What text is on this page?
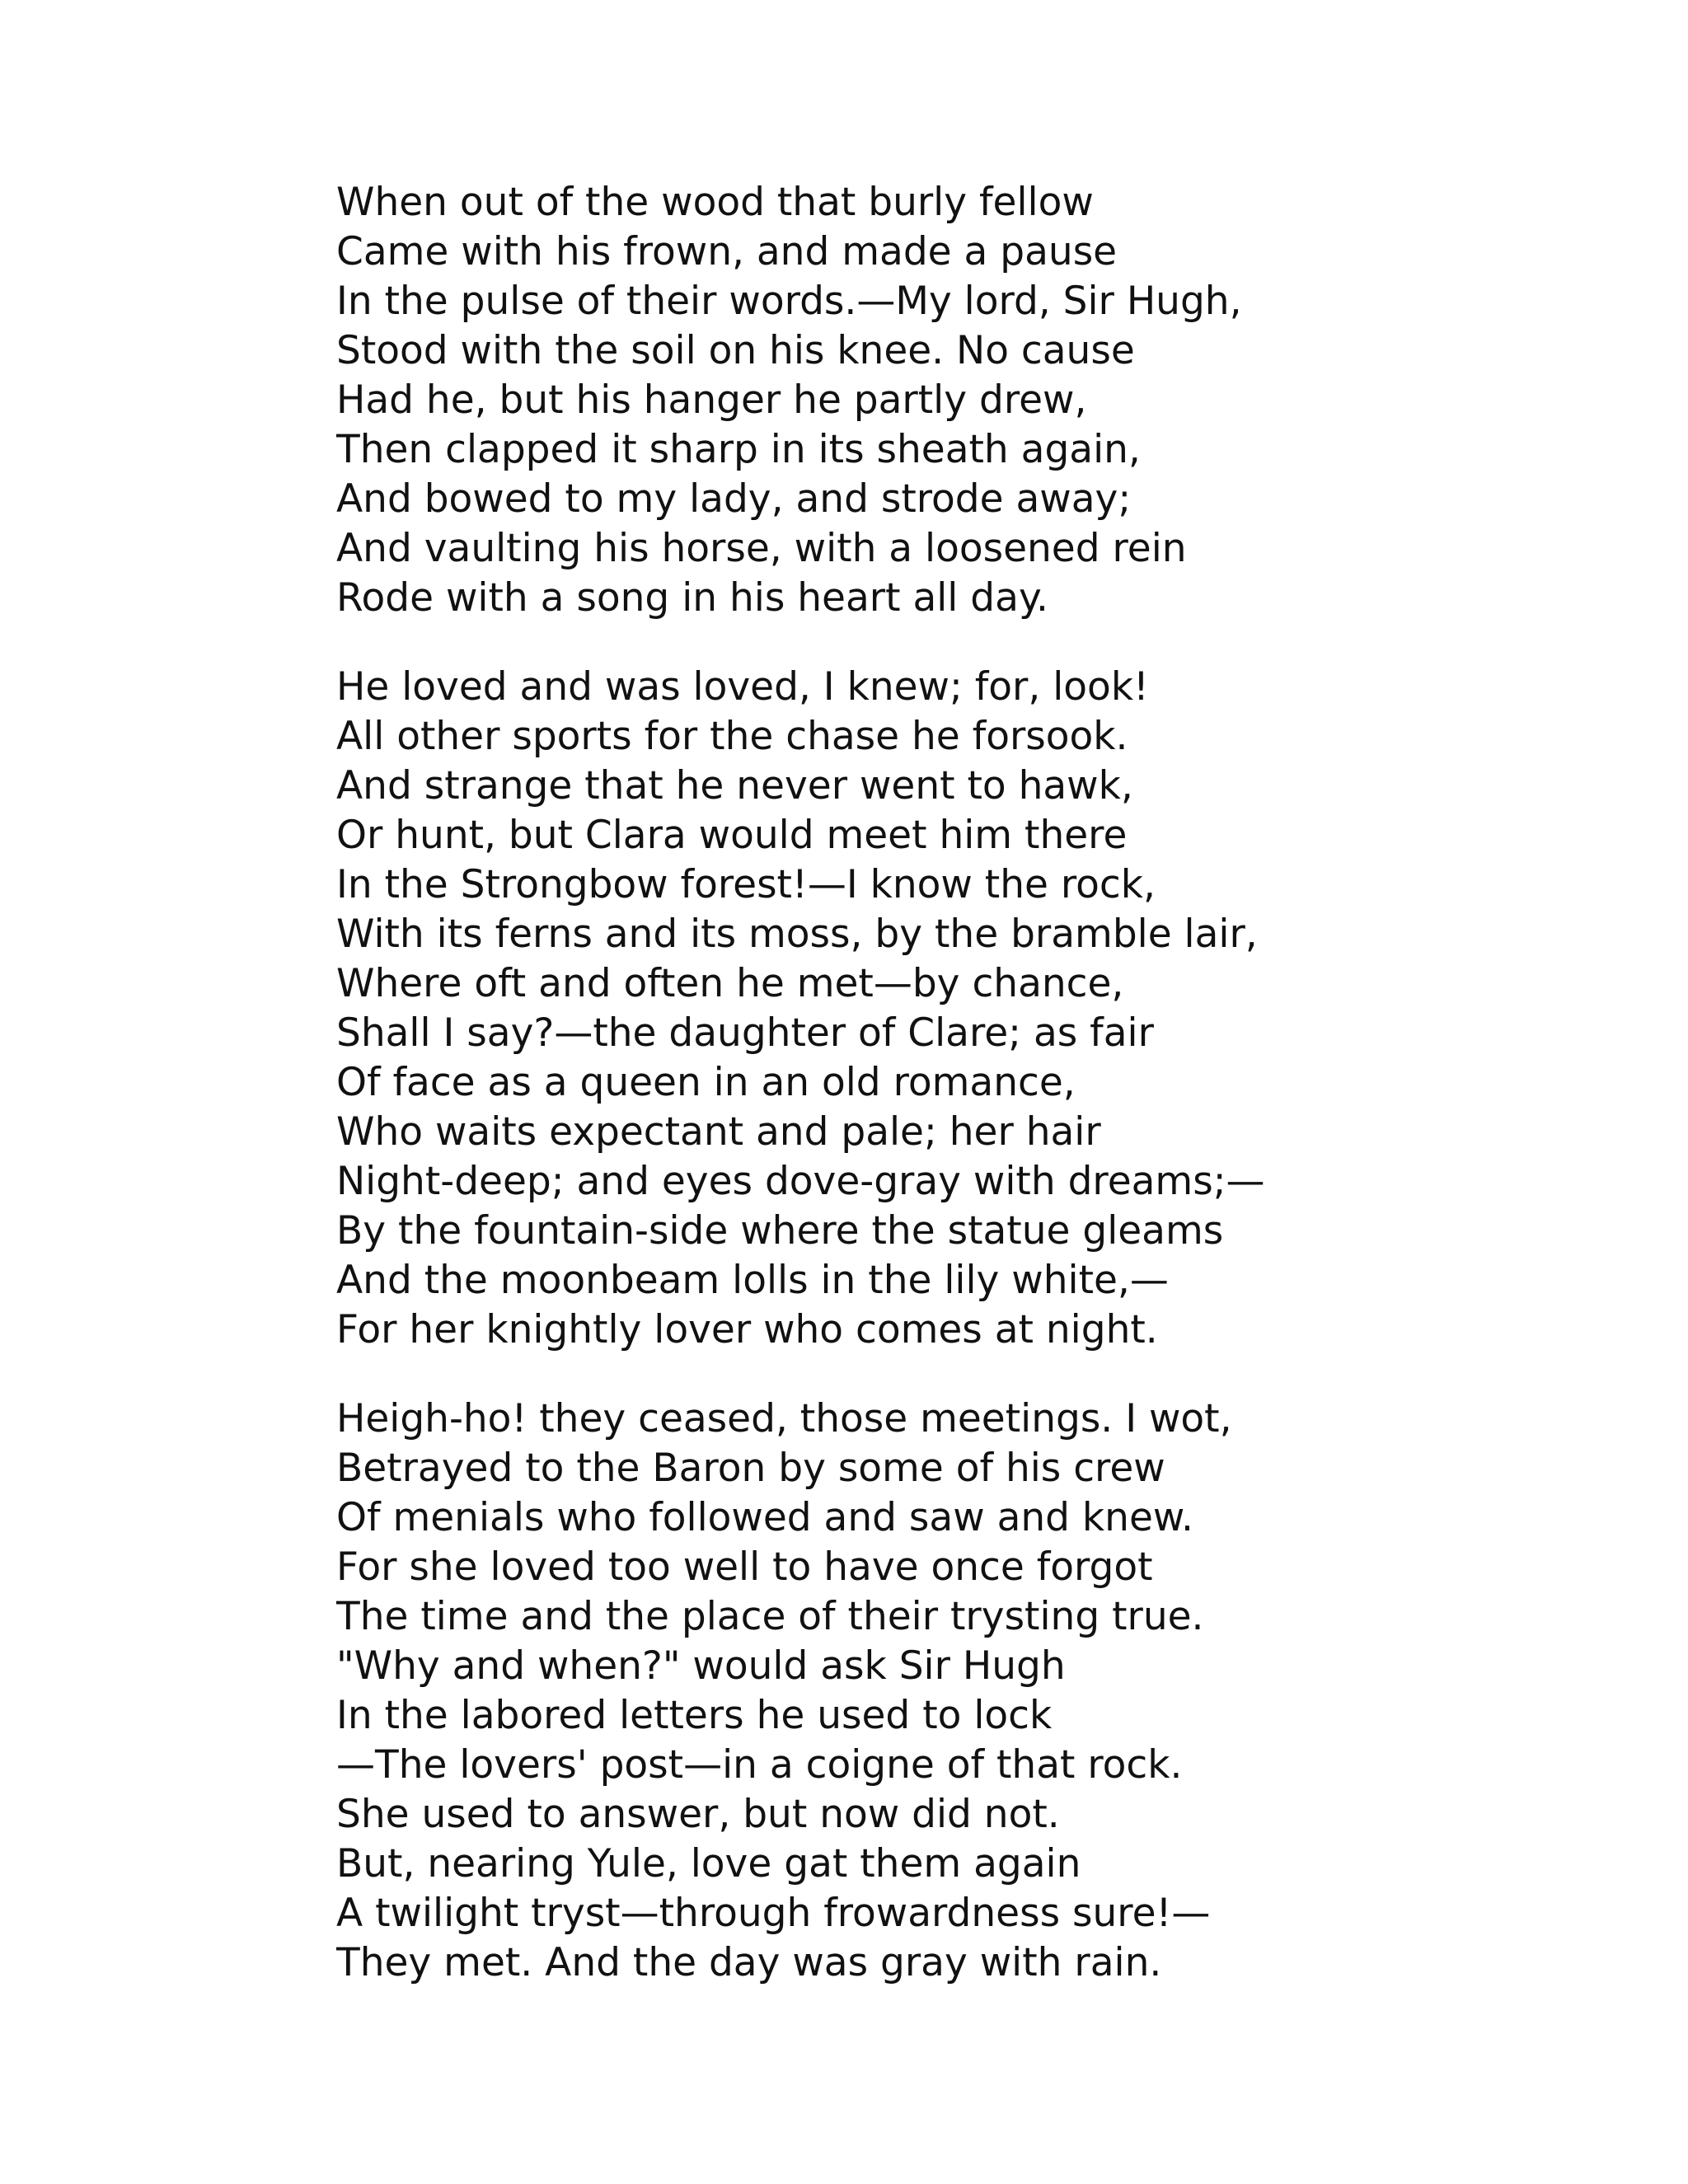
When out of the wood that burly fellow
Came with his frown, and made a pause
In the pulse of their words.—My lord, Sir Hugh,
Stood with the soil on his knee. No cause
Had he, but his hanger he partly drew,
Then clapped it sharp in its sheath again,
And bowed to my lady, and strode away;
And vaulting his horse, with a loosened rein
Rode with a song in his heart all day.
He loved and was loved, I knew; for, look!
All other sports for the chase he forsook.
And strange that he never went to hawk,
Or hunt, but Clara would meet him there
In the Strongbow forest!—I know the rock,
With its ferns and its moss, by the bramble lair,
Where oft and often he met—by chance,
Shall I say?—the daughter of Clare; as fair
Of face as a queen in an old romance,
Who waits expectant and pale; her hair
Night-deep; and eyes dove-gray with dreams;—
By the fountain-side where the statue gleams
And the moonbeam lolls in the lily white,—
For her knightly lover who comes at night.
Heigh-ho! they ceased, those meetings. I wot,
Betrayed to the Baron by some of his crew
Of menials who followed and saw and knew.
For she loved too well to have once forgot
The time and the place of their trysting true.
"Why and when?" would ask Sir Hugh
In the labored letters he used to lock
—The lovers' post—in a coigne of that rock.
She used to answer, but now did not.
But, nearing Yule, love gat them again
A twilight tryst—through frowardness sure!—
They met. And the day was gray with rain.
